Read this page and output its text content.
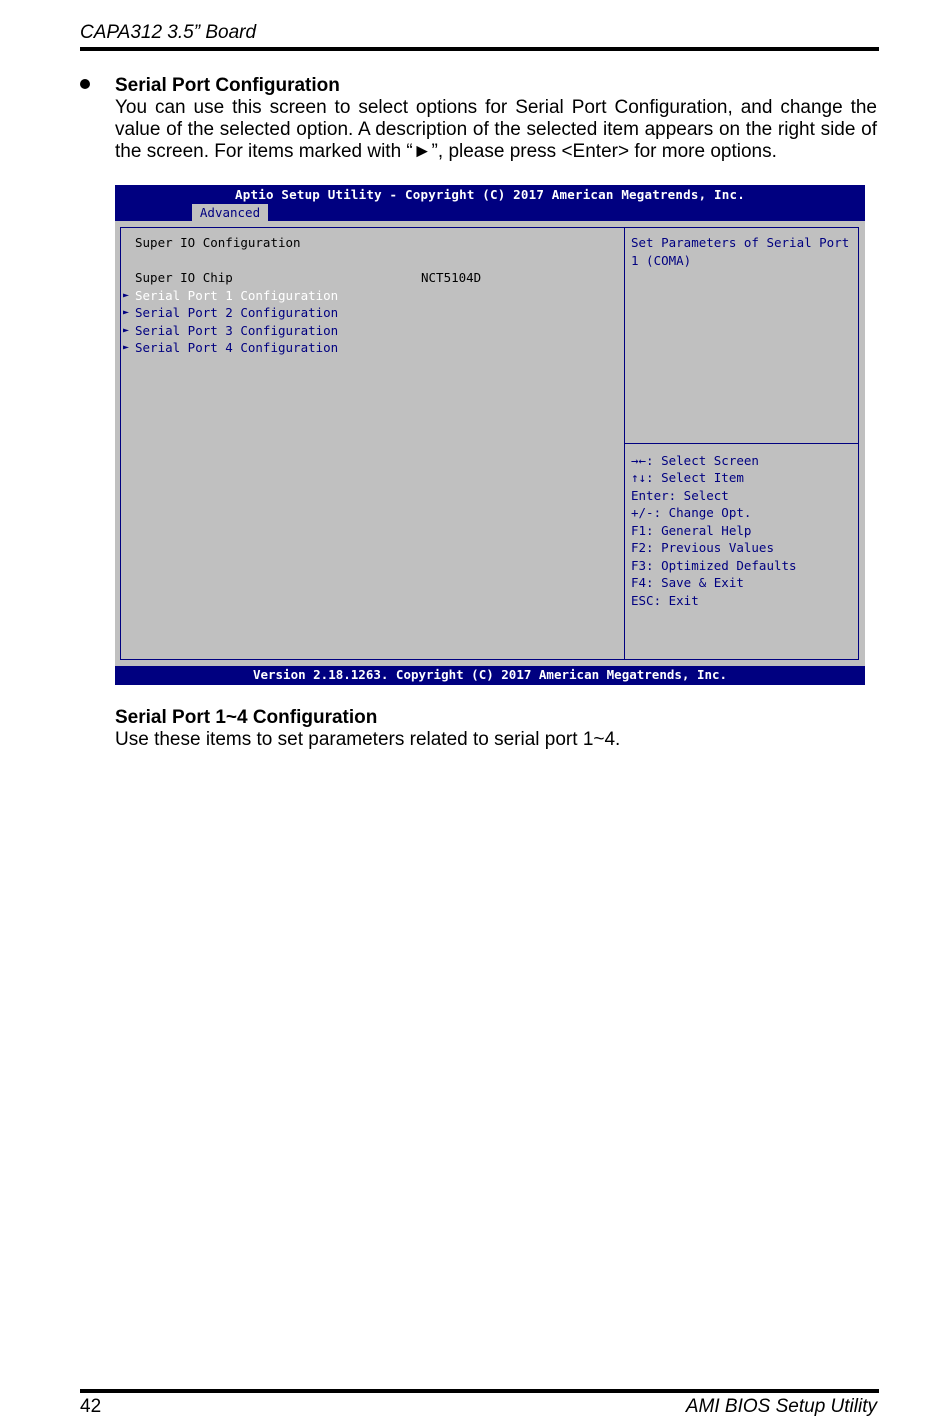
CAPA312 3.5” Board
Serial Port Configuration
You can use this screen to select options for Serial Port Configuration, and change the value of the selected option. A description of the selected item appears on the right side of the screen. For items marked with “►”, please press <Enter> for more options.
Aptio Setup Utility - Copyright (C) 2017 American Megatrends, Inc.
Advanced
Super IO Configuration
Super IO Chip	NCT5104D
► Serial Port 1 Configuration
► Serial Port 2 Configuration
► Serial Port 3 Configuration
► Serial Port 4 Configuration
Set Parameters of Serial Port
1 (COMA)
→←: Select Screen
↑↓: Select Item
Enter: Select
+/-: Change Opt.
F1: General Help
F2: Previous Values
F3: Optimized Defaults
F4: Save & Exit
ESC: Exit
Version 2.18.1263. Copyright (C) 2017 American Megatrends, Inc.
Serial Port 1~4 Configuration
Use these items to set parameters related to serial port 1~4.
42	AMI BIOS Setup Utility
